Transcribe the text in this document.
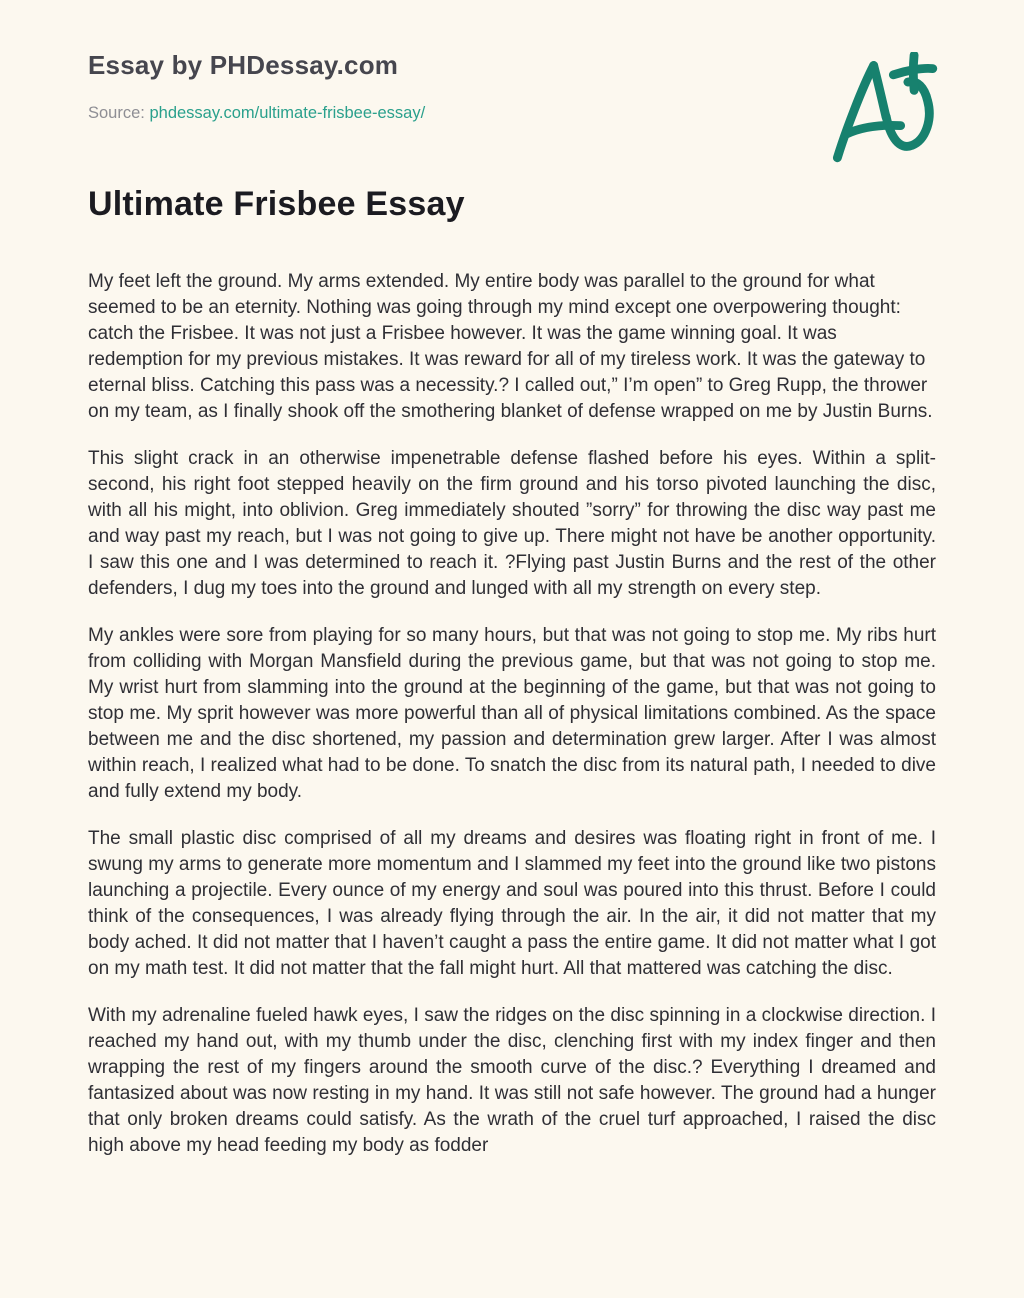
Essay by PHDessay.com

Source: phdessay.com/ultimate-frisbee-essay/

Ultimate Frisbee Essay

My feet left the ground. My arms extended. My entire body was parallel to the ground for what seemed to be an eternity. Nothing was going through my mind except one overpowering thought: catch the Frisbee. It was not just a Frisbee however. It was the game winning goal. It was redemption for my previous mistakes. It was reward for all of my tireless work. It was the gateway to eternal bliss. Catching this pass was a necessity.? I called out,” I’m open” to Greg Rupp, the thrower on my team, as I finally shook off the smothering blanket of defense wrapped on me by Justin Burns.

This slight crack in an otherwise impenetrable defense flashed before his eyes. Within a split-second, his right foot stepped heavily on the firm ground and his torso pivoted launching the disc, with all his might, into oblivion. Greg immediately shouted ”sorry” for throwing the disc way past me and way past my reach, but I was not going to give up. There might not have be another opportunity. I saw this one and I was determined to reach it. ?Flying past Justin Burns and the rest of the other defenders, I dug my toes into the ground and lunged with all my strength on every step.

My ankles were sore from playing for so many hours, but that was not going to stop me. My ribs hurt from colliding with Morgan Mansfield during the previous game, but that was not going to stop me. My wrist hurt from slamming into the ground at the beginning of the game, but that was not going to stop me. My sprit however was more powerful than all of physical limitations combined. As the space between me and the disc shortened, my passion and determination grew larger. After I was almost within reach, I realized what had to be done. To snatch the disc from its natural path, I needed to dive and fully extend my body.

The small plastic disc comprised of all my dreams and desires was floating right in front of me. I swung my arms to generate more momentum and I slammed my feet into the ground like two pistons launching a projectile. Every ounce of my energy and soul was poured into this thrust. Before I could think of the consequences, I was already flying through the air. In the air, it did not matter that my body ached. It did not matter that I haven’t caught a pass the entire game. It did not matter what I got on my math test. It did not matter that the fall might hurt. All that mattered was catching the disc.

With my adrenaline fueled hawk eyes, I saw the ridges on the disc spinning in a clockwise direction. I reached my hand out, with my thumb under the disc, clenching first with my index finger and then wrapping the rest of my fingers around the smooth curve of the disc.? Everything I dreamed and fantasized about was now resting in my hand. It was still not safe however. The ground had a hunger that only broken dreams could satisfy. As the wrath of the cruel turf approached, I raised the disc high above my head feeding my body as fodder
